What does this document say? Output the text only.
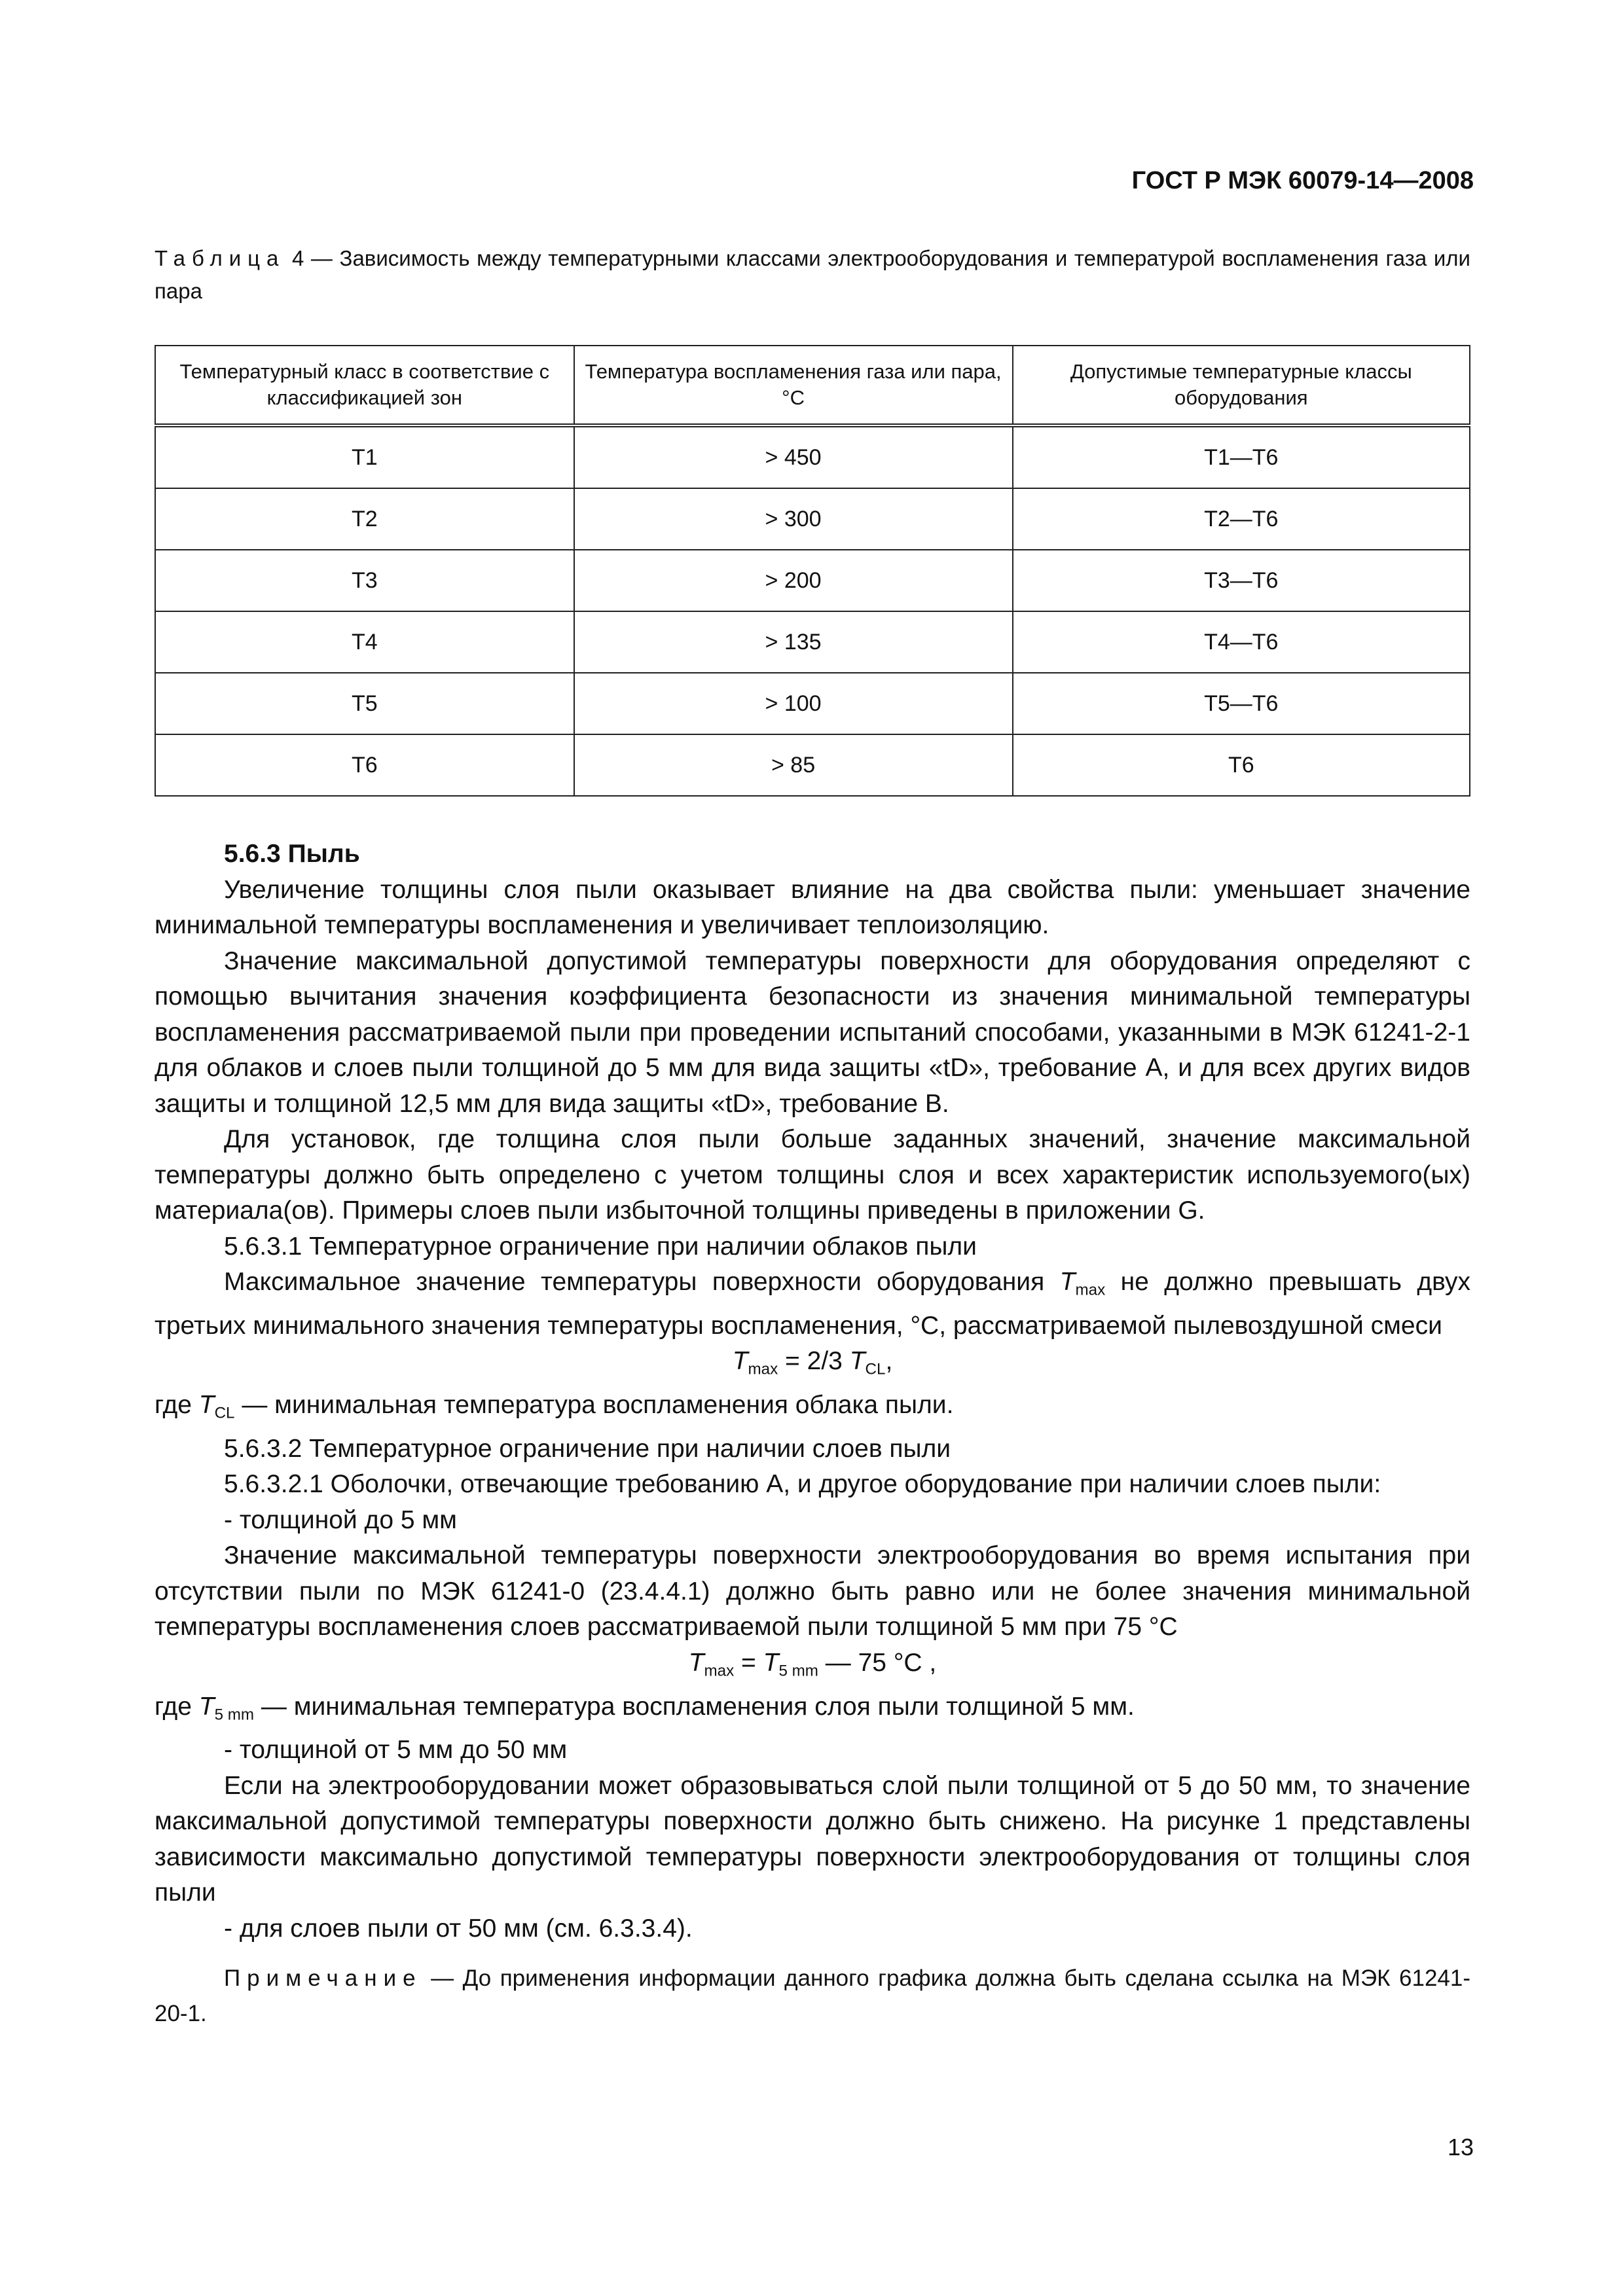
ГОСТ Р МЭК 60079-14—2008
Таблица 4 — Зависимость между температурными классами электрооборудования и температурой воспламенения газа или пара
Температурный класс в соответствие с классификацией зон	Температура воспламенения газа или пара, °С	Допустимые температурные классы оборудования
T1	> 450	T1—T6
T2	> 300	T2—T6
T3	> 200	T3—T6
T4	> 135	T4—T6
T5	> 100	T5—T6
T6	> 85	T6

5.6.3 Пыль

Увеличение толщины слоя пыли оказывает влияние на два свойства пыли: уменьшает значение минимальной температуры воспламенения и увеличивает теплоизоляцию.

Значение максимальной допустимой температуры поверхности для оборудования определяют с помощью вычитания значения коэффициента безопасности из значения минимальной температуры воспламенения рассматриваемой пыли при проведении испытаний способами, указанными в МЭК 61241-2-1 для облаков и слоев пыли толщиной до 5 мм для вида защиты «tD», требование А, и для всех других видов защиты и толщиной 12,5 мм для вида защиты «tD», требование В.

Для установок, где толщина слоя пыли больше заданных значений, значение максимальной температуры должно быть определено с учетом толщины слоя и всех характеристик используемого(ых) материала(ов). Примеры слоев пыли избыточной толщины приведены в приложении G.

5.6.3.1 Температурное ограничение при наличии облаков пыли

Максимальное значение температуры поверхности оборудования $T_{max}$ не должно превышать двух третьих минимального значения температуры воспламенения, °С, рассматриваемой пылевоздушной смеси

$T_{max} = 2/3$ $T_{CL}$,

где $T_{CL}$ — минимальная температура воспламенения облака пыли.

5.6.3.2 Температурное ограничение при наличии слоев пыли

5.6.3.2.1 Оболочки, отвечающие требованию А, и другое оборудование при наличии слоев пыли:

- толщиной до 5 мм

Значение максимальной температуры поверхности электрооборудования во время испытания при отсутствии пыли по МЭК 61241-0 (23.4.4.1) должно быть равно или не более значения минимальной температуры воспламенения слоев рассматриваемой пыли толщиной 5 мм при 75 °С

$T_{max} = T_{5 mm}$ — 75 °С ,

где $T_{5 mm}$ — минимальная температура воспламенения слоя пыли толщиной 5 мм.

- толщиной от 5 мм до 50 мм

Если на электрооборудовании может образовываться слой пыли толщиной от 5 до 50 мм, то значение максимальной допустимой температуры поверхности должно быть снижено. На рисунке 1 представлены зависимости максимально допустимой температуры поверхности электрооборудования от толщины слоя пыли

- для слоев пыли от 50 мм (см. 6.3.3.4).

Примечание — До применения информации данного графика должна быть сделана ссылка на МЭК 61241-20-1.

13
